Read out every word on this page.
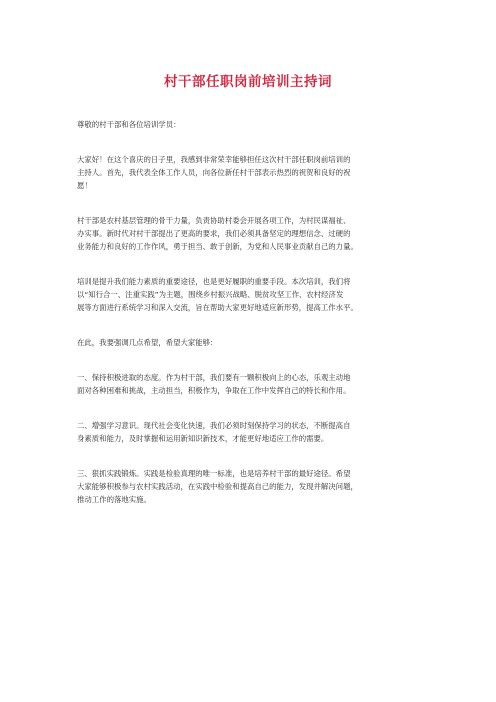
村干部任职岗前培训主持词

尊敬的村干部和各位培训学员：

大家好！在这个喜庆的日子里，我感到非常荣幸能够担任这次村干部任职岗前培训的
主持人。首先，我代表全体工作人员，向各位新任村干部表示热烈的祝贺和良好的祝
愿！

村干部是农村基层管理的骨干力量，负责协助村委会开展各项工作，为村民谋福祉、
办实事。新时代对村干部提出了更高的要求，我们必须具备坚定的理想信念、过硬的
业务能力和良好的工作作风，勇于担当、敢于创新，为党和人民事业贡献自己的力量。

培训是提升我们能力素质的重要途径，也是更好履职的重要手段。本次培训，我们将
以“知行合一、注重实践”为主题，围绕乡村振兴战略、脱贫攻坚工作、农村经济发
展等方面进行系统学习和深入交流，旨在帮助大家更好地适应新形势，提高工作水平。

在此，我要强调几点希望，希望大家能够：

一、保持积极进取的态度。作为村干部，我们要有一颗积极向上的心态，乐观主动地
面对各种困难和挑战，主动担当，积极作为，争取在工作中发挥自己的特长和作用。

二、增强学习意识。现代社会变化快速，我们必须时刻保持学习的状态，不断提高自
身素质和能力，及时掌握和运用新知识新技术，才能更好地适应工作的需要。

三、狠抓实践锻炼。实践是检验真理的唯一标准，也是培养村干部的最好途径。希望
大家能够积极参与农村实践活动，在实践中检验和提高自己的能力，发现并解决问题，
推动工作的落地实施。
